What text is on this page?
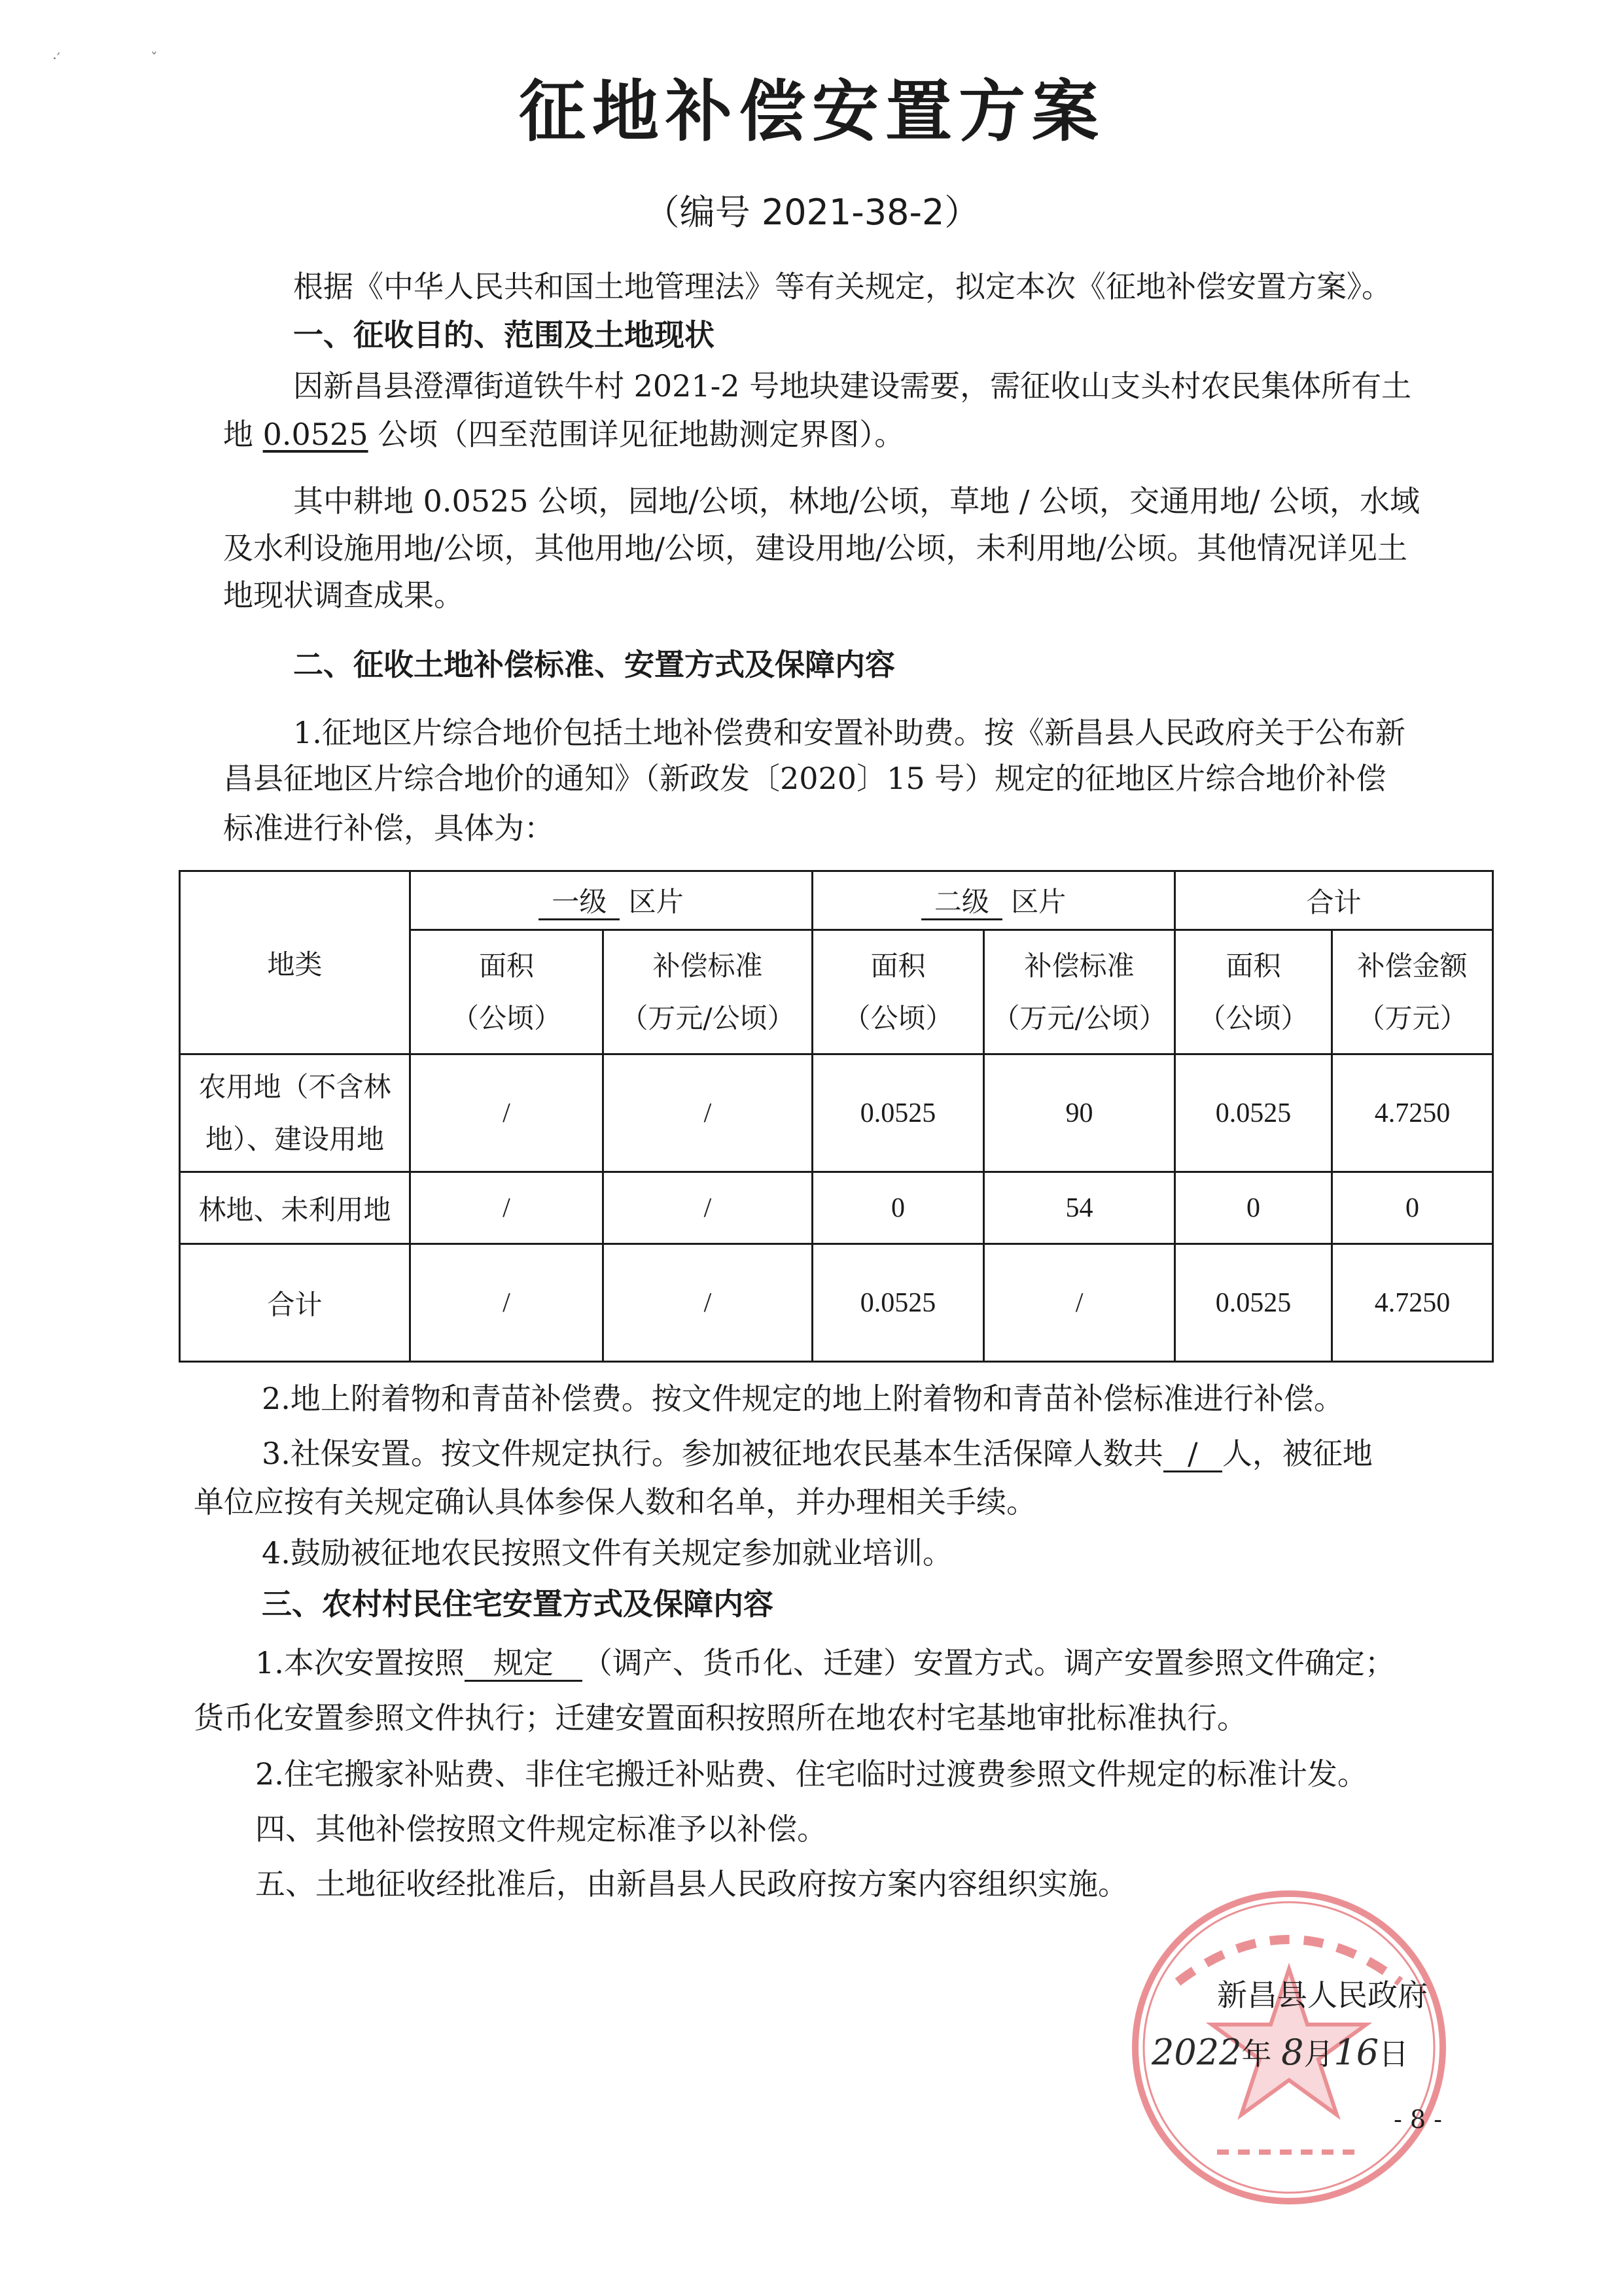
·′	ˇ
征地补偿安置方案
（编号 2021-38-2）
根据《中华人民共和国土地管理法》等有关规定，拟定本次《征地补偿安置方案》。
一、征收目的、范围及土地现状
因新昌县澄潭街道铁牛村 2021-2 号地块建设需要，需征收山支头村农民集体所有土
地 0.0525 公顷（四至范围详见征地勘测定界图）。
其中耕地 0.0525 公顷，园地/公顷，林地/公顷，草地 / 公顷，交通用地/ 公顷，水域
及水利设施用地/公顷，其他用地/公顷，建设用地/公顷，未利用地/公顷。其他情况详见土
地现状调查成果。
二、征收土地补偿标准、安置方式及保障内容
1.征地区片综合地价包括土地补偿费和安置补助费。按《新昌县人民政府关于公布新
昌县征地区片综合地价的通知》（新政发〔2020〕15 号）规定的征地区片综合地价补偿
标准进行补偿，具体为：
地类	一级 区片		二级 区片		合计	

	面积
（公顷）	补偿标准
（万元/公顷）	面积
（公顷）	补偿标准
（万元/公顷）	面积
（公顷）	补偿金额
（万元）

农用地（不含林
地）、建设用地	/	/	0.0525	90	0.0525	4.7250
林地、未利用地	/	/	0	54	0	0
合计	/	/	0.0525	/	0.0525	4.7250
2.地上附着物和青苗补偿费。按文件规定的地上附着物和青苗补偿标准进行补偿。
3.社保安置。按文件规定执行。参加被征地农民基本生活保障人数共 / 人，被征地
单位应按有关规定确认具体参保人数和名单，并办理相关手续。
4.鼓励被征地农民按照文件有关规定参加就业培训。
三、农村村民住宅安置方式及保障内容
1.本次安置按照 规定 （调产、货币化、迁建）安置方式。调产安置参照文件确定；
货币化安置参照文件执行；迁建安置面积按照所在地农村宅基地审批标准执行。
2.住宅搬家补贴费、非住宅搬迁补贴费、住宅临时过渡费参照文件规定的标准计发。
四、其他补偿按照文件规定标准予以补偿。
五、土地征收经批准后，由新昌县人民政府按方案内容组织实施。
新昌县人民政府
2022年 8月16日
- 8 -
